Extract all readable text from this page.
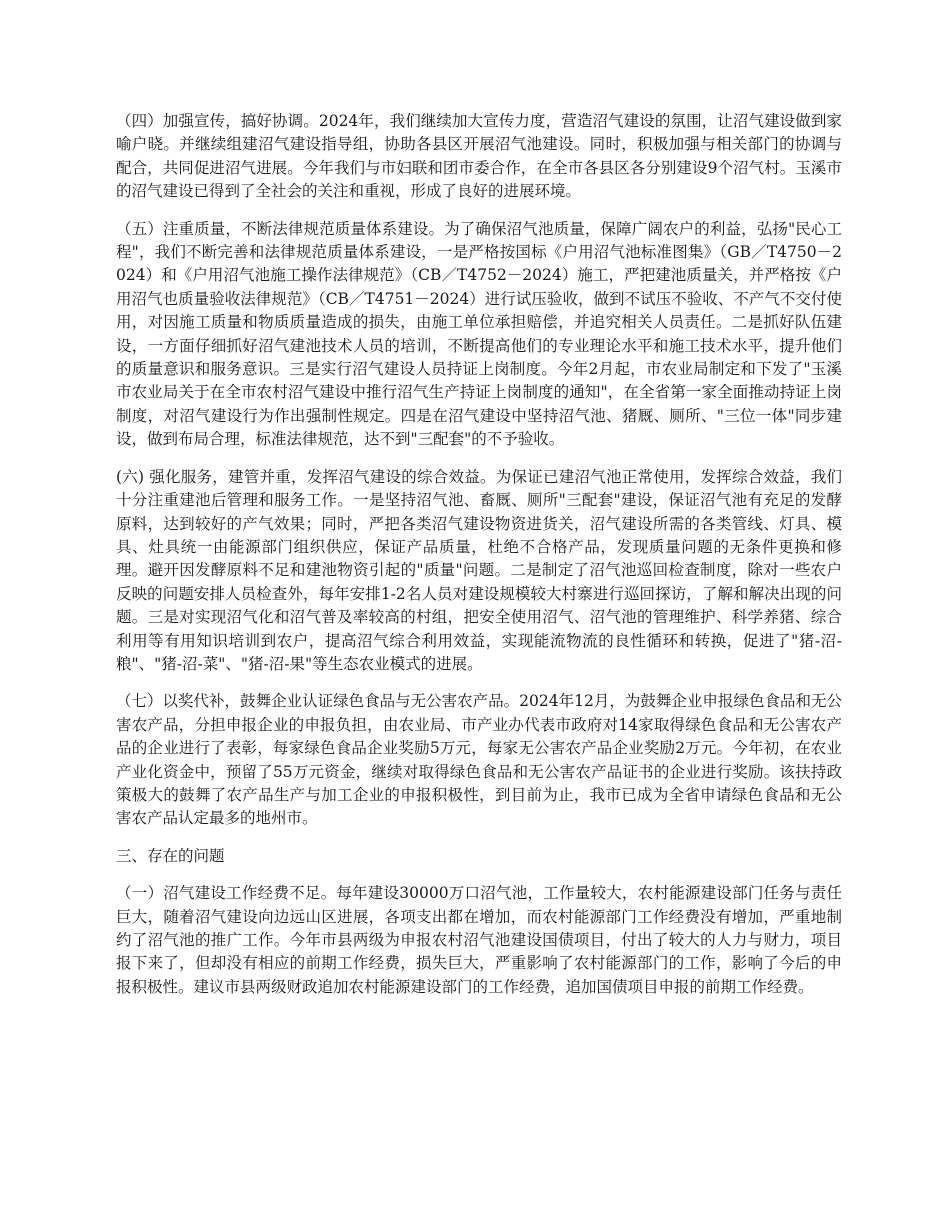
（四）加强宣传，搞好协调。2024年，我们继续加大宣传力度，营造沼气建设的氛围，让沼气建设做到家喻户晓。并继续组建沼气建设指导组，协助各县区开展沼气池建设。同时，积极加强与相关部门的协调与配合，共同促进沼气进展。今年我们与市妇联和团市委合作，在全市各县区各分别建设9个沼气村。玉溪市的沼气建设已得到了全社会的关注和重视，形成了良好的进展环境。

（五）注重质量，不断法律规范质量体系建设。为了确保沼气池质量，保障广阔农户的利益，弘扬"民心工程"，我们不断完善和法律规范质量体系建设，一是严格按国标《户用沼气池标准图集》（GB／T4750－2024）和《户用沼气池施工操作法律规范》（CB／T4752－2024）施工，严把建池质量关，并严格按《户用沼气也质量验收法律规范》（CB／T4751－2024）进行试压验收，做到不试压不验收、不产气不交付使用，对因施工质量和物质质量造成的损失，由施工单位承担赔偿，并追究相关人员责任。二是抓好队伍建设，一方面仔细抓好沼气建池技术人员的培训，不断提高他们的专业理论水平和施工技术水平，提升他们的质量意识和服务意识。三是实行沼气建设人员持证上岗制度。今年2月起，市农业局制定和下发了"玉溪市农业局关于在全市农村沼气建设中推行沼气生产持证上岗制度的通知"，在全省第一家全面推动持证上岗制度，对沼气建设行为作出强制性规定。四是在沼气建设中坚持沼气池、猪厩、厕所、"三位一体"同步建设，做到布局合理，标准法律规范，达不到"三配套"的不予验收。

(六) 强化服务，建管并重，发挥沼气建设的综合效益。为保证已建沼气池正常使用，发挥综合效益，我们十分注重建池后管理和服务工作。一是坚持沼气池、畜厩、厕所"三配套"建设，保证沼气池有充足的发酵原料，达到较好的产气效果；同时，严把各类沼气建设物资进货关，沼气建设所需的各类管线、灯具、模具、灶具统一由能源部门组织供应，保证产品质量，杜绝不合格产品，发现质量问题的无条件更换和修理。避开因发酵原料不足和建池物资引起的"质量"问题。二是制定了沼气池巡回检查制度，除对一些农户反映的问题安排人员检查外，每年安排1-2名人员对建设规模较大村寨进行巡回探访，了解和解决出现的问题。三是对实现沼气化和沼气普及率较高的村组，把安全使用沼气、沼气池的管理维护、科学养猪、综合利用等有用知识培训到农户，提高沼气综合利用效益，实现能流物流的良性循环和转换，促进了"猪-沼-粮"、"猪-沼-菜"、"猪-沼-果"等生态农业模式的进展。

（七）以奖代补，鼓舞企业认证绿色食品与无公害农产品。2024年12月，为鼓舞企业申报绿色食品和无公害农产品，分担申报企业的申报负担，由农业局、市产业办代表市政府对14家取得绿色食品和无公害农产品的企业进行了表彰，每家绿色食品企业奖励5万元，每家无公害农产品企业奖励2万元。今年初，在农业产业化资金中，预留了55万元资金，继续对取得绿色食品和无公害农产品证书的企业进行奖励。该扶持政策极大的鼓舞了农产品生产与加工企业的申报积极性，到目前为止，我市已成为全省申请绿色食品和无公害农产品认定最多的地州市。

三、存在的问题

（一）沼气建设工作经费不足。每年建设30000万口沼气池，工作量较大，农村能源建设部门任务与责任巨大，随着沼气建设向边远山区进展，各项支出都在增加，而农村能源部门工作经费没有增加，严重地制约了沼气池的推广工作。今年市县两级为申报农村沼气池建设国债项目，付出了较大的人力与财力，项目报下来了，但却没有相应的前期工作经费，损失巨大，严重影响了农村能源部门的工作，影响了今后的申报积极性。建议市县两级财政追加农村能源建设部门的工作经费，追加国债项目申报的前期工作经费。
